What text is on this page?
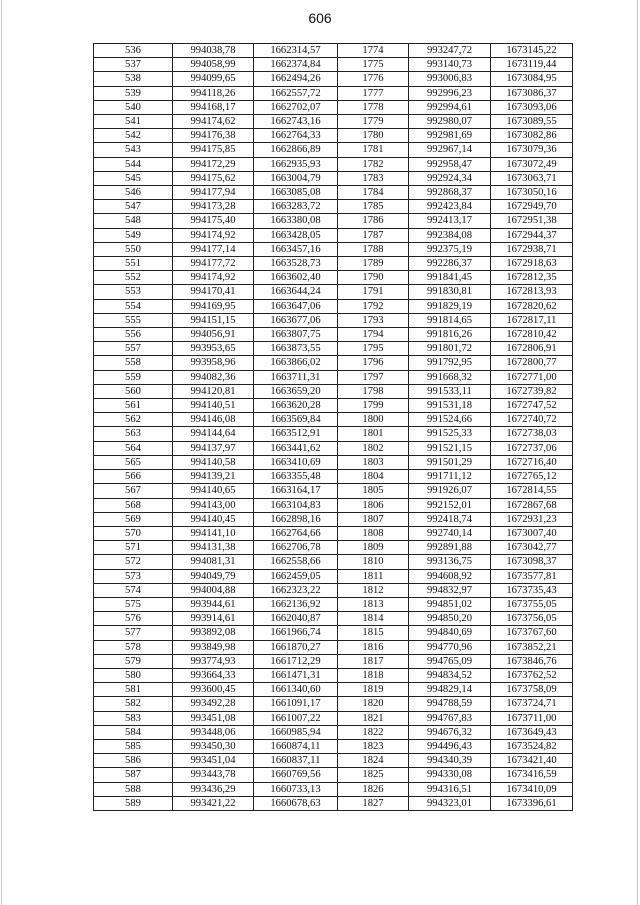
606
536	994038,78	1662314,57	1774	993247,72	1673145,22
537	994058,99	1662374,84	1775	993140,73	1673119,44
538	994099,65	1662494,26	1776	993006,83	1673084,95
539	994118,26	1662557,72	1777	992996,23	1673086,37
540	994168,17	1662702,07	1778	992994,61	1673093,06
541	994174,62	1662743,16	1779	992980,07	1673089,55
542	994176,38	1662764,33	1780	992981,69	1673082,86
543	994175,85	1662866,89	1781	992967,14	1673079,36
544	994172,29	1662935,93	1782	992958,47	1673072,49
545	994175,62	1663004,79	1783	992924,34	1673063,71
546	994177,94	1663085,08	1784	992868,37	1673050,16
547	994173,28	1663283,72	1785	992423,84	1672949,70
548	994175,40	1663380,08	1786	992413,17	1672951,38
549	994174,92	1663428,05	1787	992384,08	1672944,37
550	994177,14	1663457,16	1788	992375,19	1672938,71
551	994177,72	1663528,73	1789	992286,37	1672918,63
552	994174,92	1663602,40	1790	991841,45	1672812,35
553	994170,41	1663644,24	1791	991830,81	1672813,93
554	994169,95	1663647,06	1792	991829,19	1672820,62
555	994151,15	1663677,06	1793	991814,65	1672817,11
556	994056,91	1663807,75	1794	991816,26	1672810,42
557	993953,65	1663873,55	1795	991801,72	1672806,91
558	993958,96	1663866,02	1796	991792,95	1672800,77
559	994082,36	1663711,31	1797	991668,32	1672771,00
560	994120,81	1663659,20	1798	991533,11	1672739,82
561	994140,51	1663620,28	1799	991531,18	1672747,52
562	994146,08	1663569,84	1800	991524,66	1672740,72
563	994144,64	1663512,91	1801	991525,33	1672738,03
564	994137,97	1663441,62	1802	991521,15	1672737,06
565	994140,58	1663410,69	1803	991501,29	1672716,40
566	994139,21	1663355,48	1804	991711,12	1672765,12
567	994140,65	1663164,17	1805	991926,07	1672814,55
568	994143,00	1663104,83	1806	992152,01	1672867,68
569	994140,45	1662898,16	1807	992418,74	1672931,23
570	994141,10	1662764,66	1808	992740,14	1673007,40
571	994131,38	1662706,78	1809	992891,88	1673042,77
572	994081,31	1662558,66	1810	993136,75	1673098,37
573	994049,79	1662459,05	1811	994608,92	1673577,81
574	994004,88	1662323,22	1812	994832,97	1673735,43
575	993944,61	1662136,92	1813	994851,02	1673755,05
576	993914,61	1662040,87	1814	994850,20	1673756,05
577	993892,08	1661966,74	1815	994840,69	1673767,60
578	993849,98	1661870,27	1816	994770,96	1673852,21
579	993774,93	1661712,29	1817	994765,09	1673846,76
580	993664,33	1661471,31	1818	994834,52	1673762,52
581	993600,45	1661340,60	1819	994829,14	1673758,09
582	993492,28	1661091,17	1820	994788,59	1673724,71
583	993451,08	1661007,22	1821	994767,83	1673711,00
584	993448,06	1660985,94	1822	994676,32	1673649,43
585	993450,30	1660874,11	1823	994496,43	1673524,82
586	993451,04	1660837,11	1824	994340,39	1673421,40
587	993443,78	1660769,56	1825	994330,08	1673416,59
588	993436,29	1660733,13	1826	994316,51	1673410,09
589	993421,22	1660678,63	1827	994323,01	1673396,61
